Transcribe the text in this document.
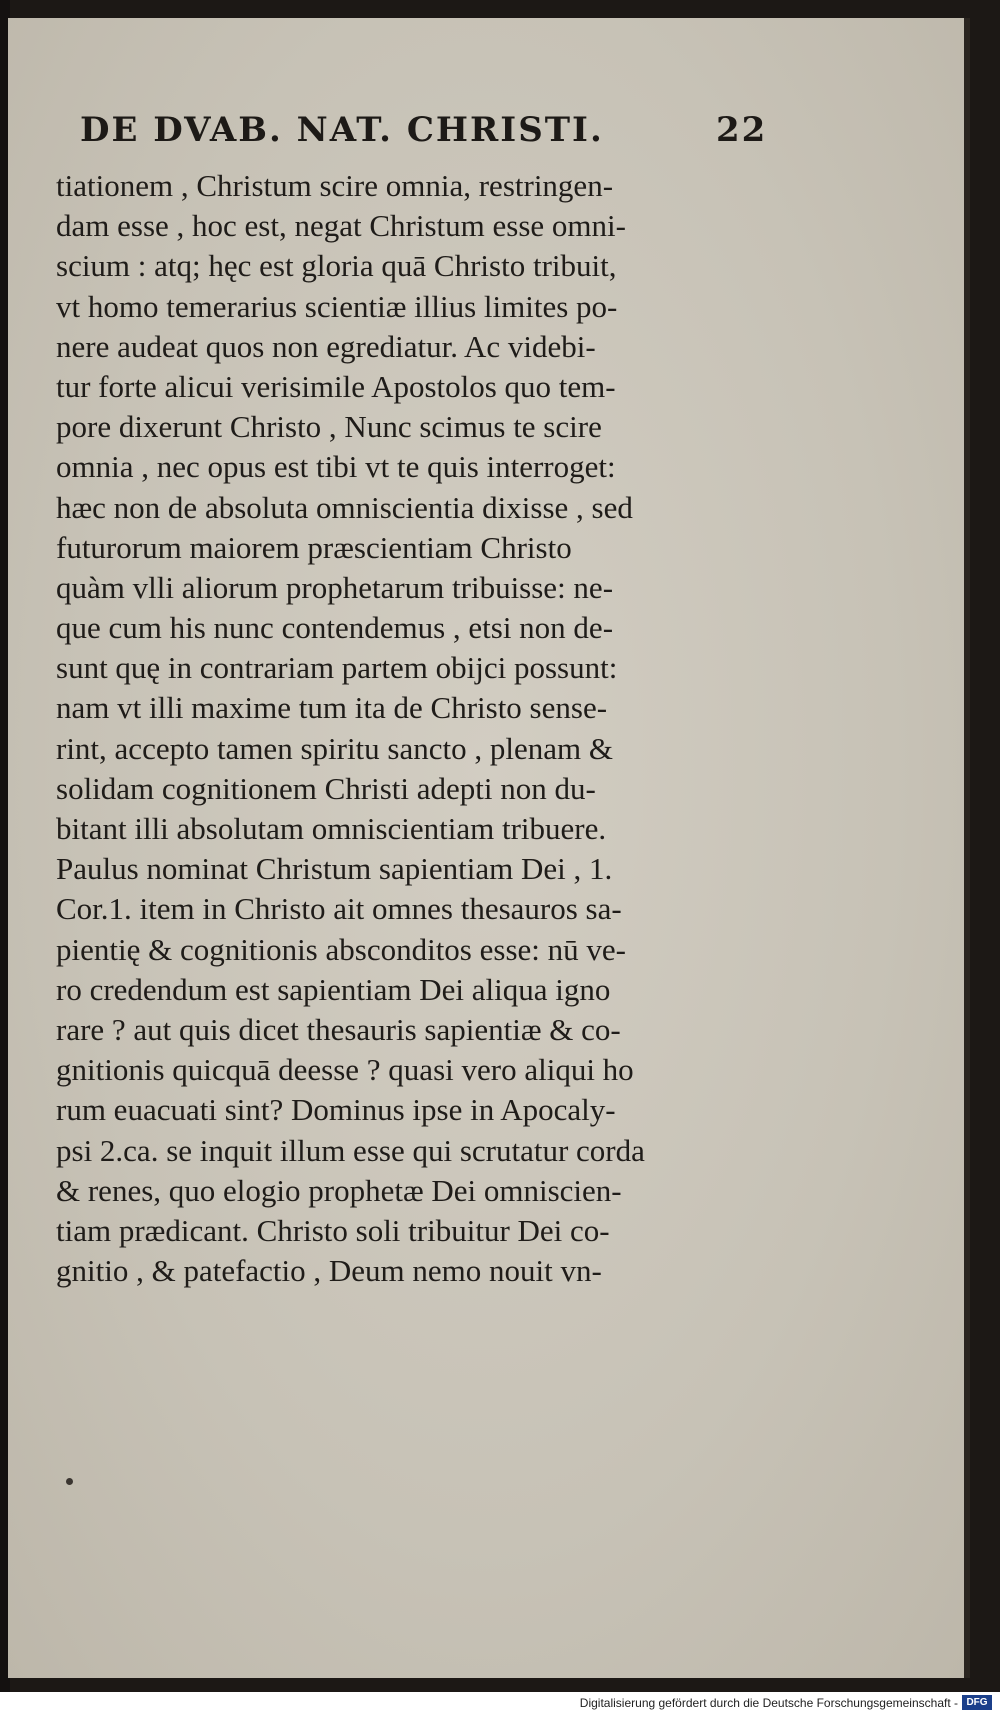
DE DVAB. NAT. CHRISTI.	22
tiationem , Christum scire omnia, restringen-
dam esse , hoc est, negat Christum esse omni-
scium : atq; hęc est gloria quā Christo tribuit,
vt homo temerarius scientiæ illius limites po-
nere audeat quos non egrediatur. Ac videbi-
tur forte alicui verisimile Apostolos quo tem-
pore dixerunt Christo , Nunc scimus te scire
omnia , nec opus est tibi vt te quis interroget:
hæc non de absoluta omniscientia dixisse , sed
futurorum maiorem præscientiam Christo
quàm vlli aliorum prophetarum tribuisse: ne-
que cum his nunc contendemus , etsi non de-
sunt quę in contrariam partem obijci possunt:
nam vt illi maxime tum ita de Christo sense-
rint, accepto tamen spiritu sancto , plenam &
solidam cognitionem Christi adepti non du-
bitant illi absolutam omniscientiam tribuere.
Paulus nominat Christum sapientiam Dei , 1.
Cor.1. item in Christo ait omnes thesauros sa-
pientię & cognitionis absconditos esse: nū ve-
ro credendum est sapientiam Dei aliqua igno
rare ? aut quis dicet thesauris sapientiæ & co-
gnitionis quicquā deesse ? quasi vero aliqui ho
rum euacuati sint? Dominus ipse in Apocaly-
psi 2.ca. se inquit illum esse qui scrutatur corda
& renes, quo elogio prophetæ Dei omniscien-
tiam prædicant. Christo soli tribuitur Dei co-
gnitio , & patefactio , Deum nemo nouit vn-
Digitalisierung gefördert durch die Deutsche Forschungsgemeinschaft - DFG
